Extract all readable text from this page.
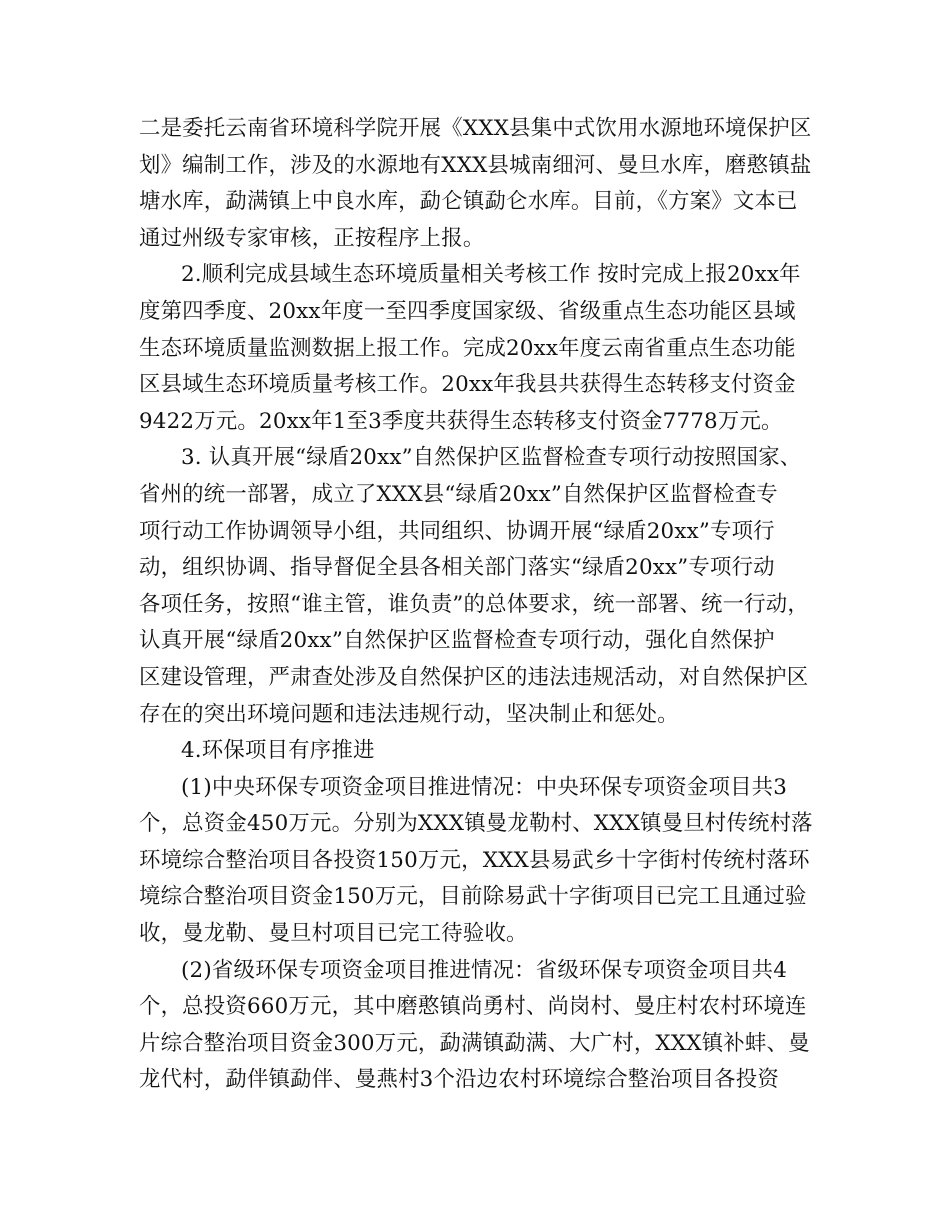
二是委托云南省环境科学院开展《XXX县集中式饮用水源地环境保护区
划》编制工作，涉及的水源地有XXX县城南细河、曼旦水库，磨憨镇盐
塘水库，勐满镇上中良水库，勐仑镇勐仑水库。目前，《方案》文本已
通过州级专家审核，正按程序上报。
2.顺利完成县域生态环境质量相关考核工作 按时完成上报20xx年
度第四季度、20xx年度一至四季度国家级、省级重点生态功能区县域
生态环境质量监测数据上报工作。完成20xx年度云南省重点生态功能
区县域生态环境质量考核工作。20xx年我县共获得生态转移支付资金
9422万元。20xx年1至3季度共获得生态转移支付资金7778万元。
3. 认真开展“绿盾20xx”自然保护区监督检查专项行动按照国家、
省州的统一部署，成立了XXX县“绿盾20xx”自然保护区监督检查专
项行动工作协调领导小组，共同组织、协调开展“绿盾20xx”专项行
动，组织协调、指导督促全县各相关部门落实“绿盾20xx”专项行动
各项任务，按照“谁主管，谁负责”的总体要求，统一部署、统一行动，
认真开展“绿盾20xx”自然保护区监督检查专项行动，强化自然保护
区建设管理，严肃查处涉及自然保护区的违法违规活动，对自然保护区
存在的突出环境问题和违法违规行动，坚决制止和惩处。
4.环保项目有序推进
(1)中央环保专项资金项目推进情况：中央环保专项资金项目共3
个，总资金450万元。分别为XXX镇曼龙勒村、XXX镇曼旦村传统村落
环境综合整治项目各投资150万元，XXX县易武乡十字街村传统村落环
境综合整治项目资金150万元，目前除易武十字街项目已完工且通过验
收，曼龙勒、曼旦村项目已完工待验收。
(2)省级环保专项资金项目推进情况：省级环保专项资金项目共4
个，总投资660万元，其中磨憨镇尚勇村、尚岗村、曼庄村农村环境连
片综合整治项目资金300万元，勐满镇勐满、大广村，XXX镇补蚌、曼
龙代村，勐伴镇勐伴、曼燕村3个沿边农村环境综合整治项目各投资
